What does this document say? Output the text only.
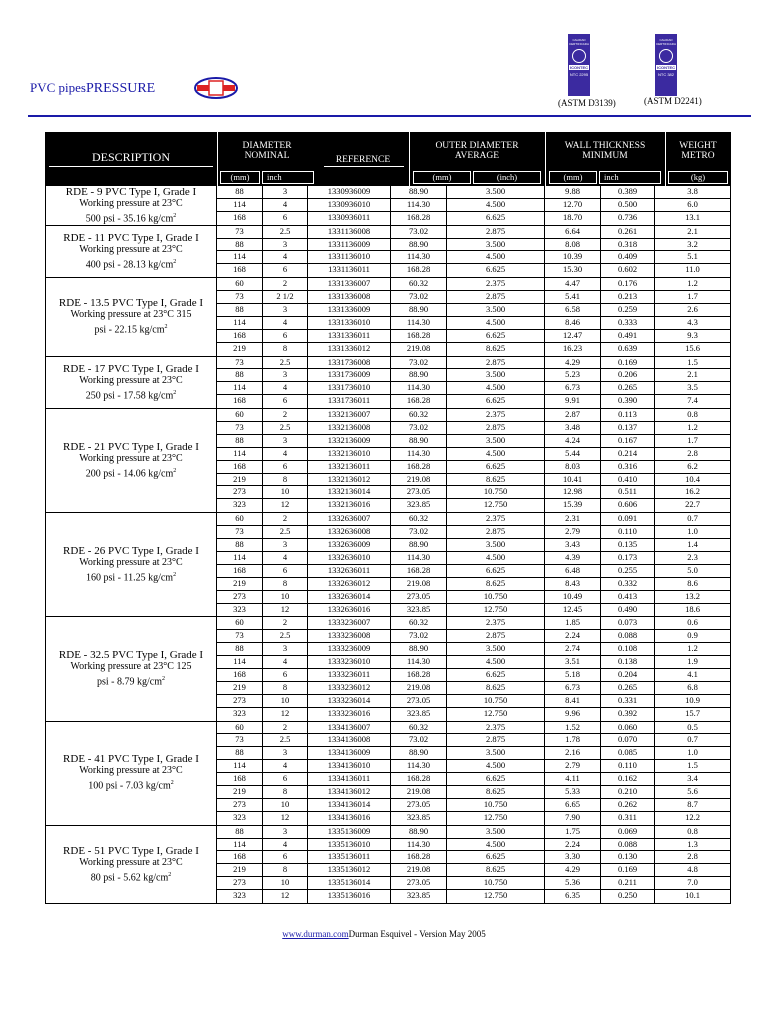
PVC pipesPRESSURE
CALIDAD CERTIFICADA
ICONTEC
NTC 2295
(ASTM D3139)
CALIDAD CERTIFICADA
ICONTEC
NTC 382
(ASTM D2241)
DESCRIPTION
DIAMETER
NOMINAL	REFERENCE
OUTER DIAMETER
AVERAGE
WALL THICKNESS
MINIMUM
WEIGHT
METRO
(mm)	inch	(mm)	(inch)	(mm)	inch	(kg)
RDE - 9 PVC Type I, Grade I
Working pressure at 23°C
500 psi - 35.16 $kg/cm^2$
88	3	1330936009	88.90	3.500	9.88	0.389	3.8
114	4	1330936010	114.30	4.500	12.70	0.500	6.0
168	6	1330936011	168.28	6.625	18.70	0.736	13.1
RDE - 11 PVC Type I, Grade I
Working pressure at 23°C
400 psi - 28.13 $kg/cm^2$
73	2.5	1331136008	73.02	2.875	6.64	0.261	2.1
88	3	1331136009	88.90	3.500	8.08	0.318	3.2
114	4	1331136010	114.30	4.500	10.39	0.409	5.1
168	6	1331136011	168.28	6.625	15.30	0.602	11.0
RDE - 13.5 PVC Type I, Grade I
Working pressure at 23°C 315
psi - 22.15 $kg/cm^2$
60	2	1331336007	60.32	2.375	4.47	0.176	1.2
73	2 1/2	1331336008	73.02	2.875	5.41	0.213	1.7
88	3	1331336009	88.90	3.500	6.58	0.259	2.6
114	4	1331336010	114.30	4.500	8.46	0.333	4.3
168	6	1331336011	168.28	6.625	12.47	0.491	9.3
219	8	1331336012	219.08	8.625	16.23	0.639	15.6
RDE - 17 PVC Type I, Grade I
Working pressure at 23°C
250 psi - 17.58 $kg/cm^2$
73	2.5	1331736008	73.02	2.875	4.29	0.169	1.5
88	3	1331736009	88.90	3.500	5.23	0.206	2.1
114	4	1331736010	114.30	4.500	6.73	0.265	3.5
168	6	1331736011	168.28	6.625	9.91	0.390	7.4
RDE - 21 PVC Type I, Grade I
Working pressure at 23°C
200 psi - 14.06 $kg/cm^2$
60	2	1332136007	60.32	2.375	2.87	0.113	0.8
73	2.5	1332136008	73.02	2.875	3.48	0.137	1.2
88	3	1332136009	88.90	3.500	4.24	0.167	1.7
114	4	1332136010	114.30	4.500	5.44	0.214	2.8
168	6	1332136011	168.28	6.625	8.03	0.316	6.2
219	8	1332136012	219.08	8.625	10.41	0.410	10.4
273	10	1332136014	273.05	10.750	12.98	0.511	16.2
323	12	1332136016	323.85	12.750	15.39	0.606	22.7
RDE - 26 PVC Type I, Grade I
Working pressure at 23°C
160 psi - 11.25 $kg/cm^2$
60	2	1332636007	60.32	2.375	2.31	0.091	0.7
73	2.5	1332636008	73.02	2.875	2.79	0.110	1.0
88	3	1332636009	88.90	3.500	3.43	0.135	1.4
114	4	1332636010	114.30	4.500	4.39	0.173	2.3
168	6	1332636011	168.28	6.625	6.48	0.255	5.0
219	8	1332636012	219.08	8.625	8.43	0.332	8.6
273	10	1332636014	273.05	10.750	10.49	0.413	13.2
323	12	1332636016	323.85	12.750	12.45	0.490	18.6
RDE - 32.5 PVC Type I, Grade I
Working pressure at 23°C 125
psi - 8.79 $kg/cm^2$
60	2	1333236007	60.32	2.375	1.85	0.073	0.6
73	2.5	1333236008	73.02	2.875	2.24	0.088	0.9
88	3	1333236009	88.90	3.500	2.74	0.108	1.2
114	4	1333236010	114.30	4.500	3.51	0.138	1.9
168	6	1333236011	168.28	6.625	5.18	0.204	4.1
219	8	1333236012	219.08	8.625	6.73	0.265	6.8
273	10	1333236014	273.05	10.750	8.41	0.331	10.9
323	12	1333236016	323.85	12.750	9.96	0.392	15.7
RDE - 41 PVC Type I, Grade I
Working pressure at 23°C
100 psi - 7.03 $kg/cm^2$
60	2	1334136007	60.32	2.375	1.52	0.060	0.5
73	2.5	1334136008	73.02	2.875	1.78	0.070	0.7
88	3	1334136009	88.90	3.500	2.16	0.085	1.0
114	4	1334136010	114.30	4.500	2.79	0.110	1.5
168	6	1334136011	168.28	6.625	4.11	0.162	3.4
219	8	1334136012	219.08	8.625	5.33	0.210	5.6
273	10	1334136014	273.05	10.750	6.65	0.262	8.7
323	12	1334136016	323.85	12.750	7.90	0.311	12.2
RDE - 51 PVC Type I, Grade I
Working pressure at 23°C
80 psi - 5.62 $kg/cm^2$
88	3	1335136009	88.90	3.500	1.75	0.069	0.8
114	4	1335136010	114.30	4.500	2.24	0.088	1.3
168	6	1335136011	168.28	6.625	3.30	0.130	2.8
219	8	1335136012	219.08	8.625	4.29	0.169	4.8
273	10	1335136014	273.05	10.750	5.36	0.211	7.0
323	12	1335136016	323.85	12.750	6.35	0.250	10.1
www.durman.comDurman Esquivel - Version May 2005
